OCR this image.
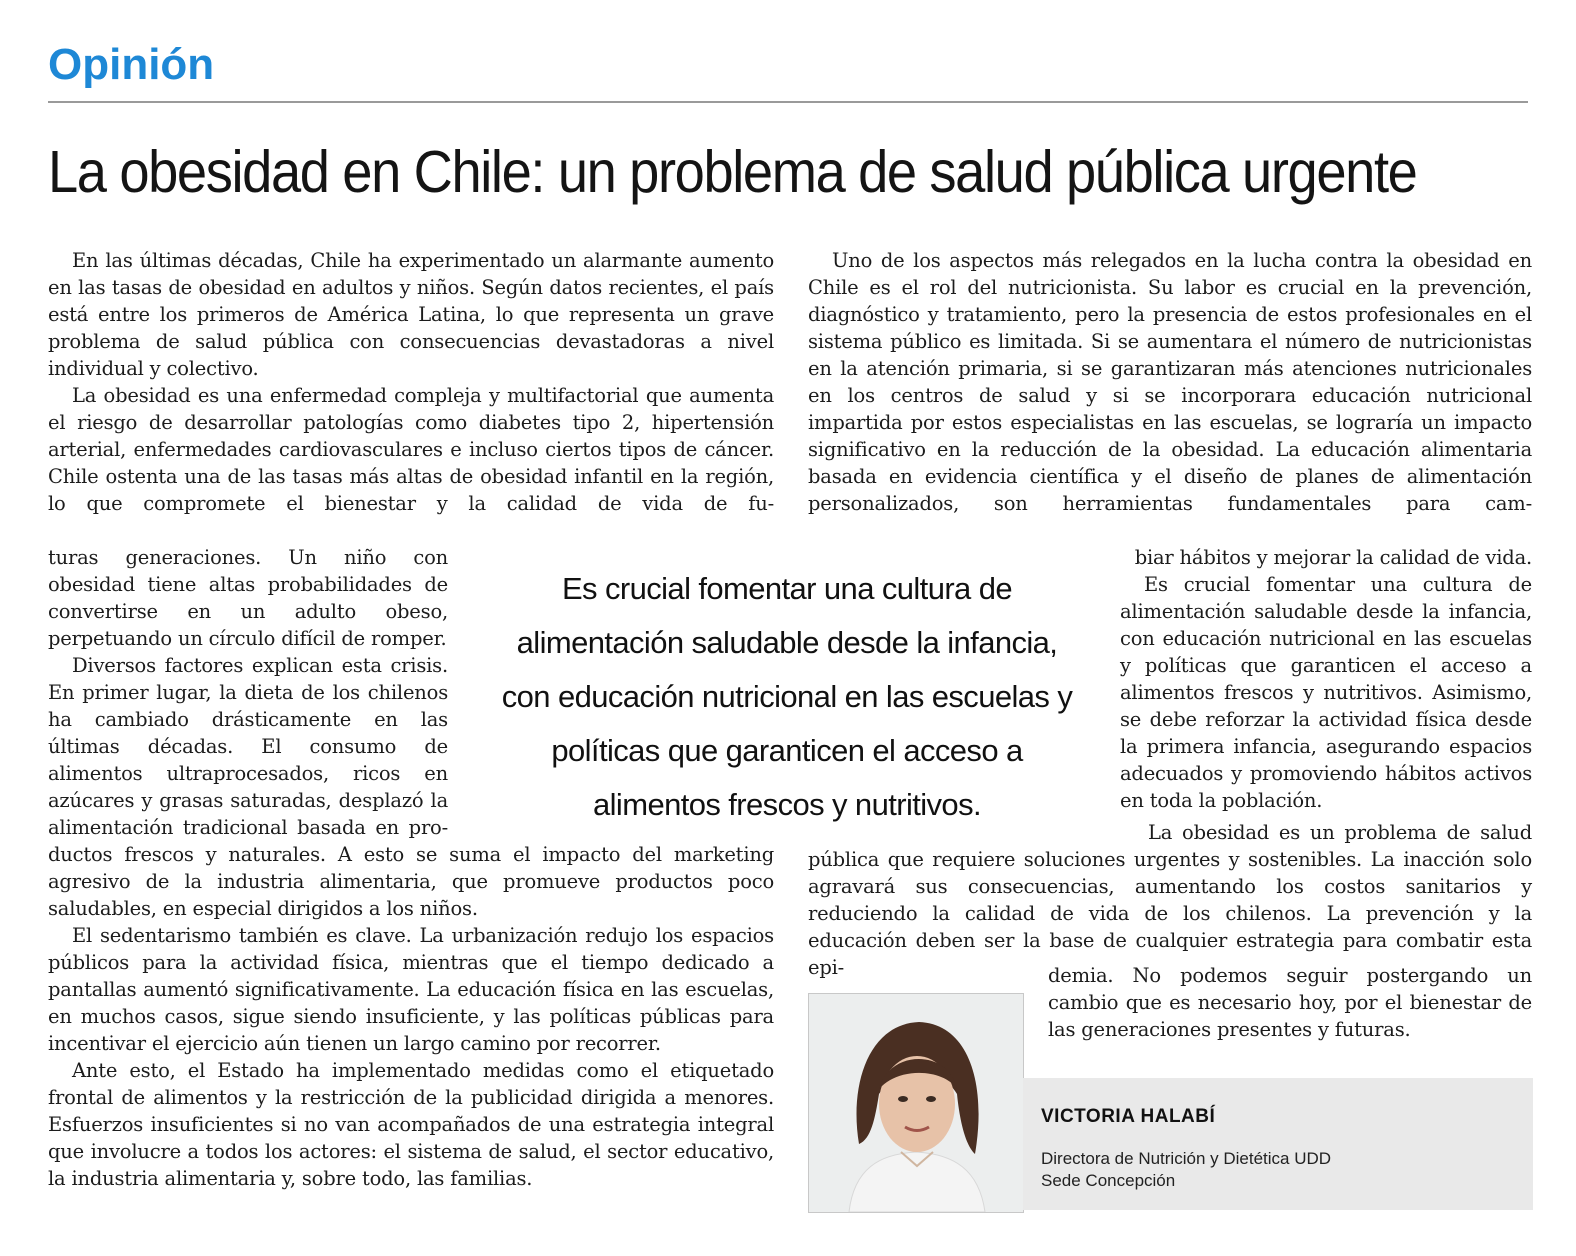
Opinión
La obesidad en Chile: un problema de salud pública urgente

En las últimas décadas, Chile ha experimentado un alarmante aumento en las tasas de obesidad en adultos y niños. Según datos recientes, el país está entre los primeros de América Latina, lo que representa un grave problema de salud pública con consecuencias devastadoras a nivel individual y colectivo.

La obesidad es una enfermedad compleja y multifactorial que aumenta el riesgo de desarrollar patologías como diabetes tipo 2, hipertensión arterial, enfermedades cardiovasculares e incluso ciertos tipos de cáncer. Chile ostenta una de las tasas más altas de obesidad infantil en la región, lo que compromete el bienestar y la calidad de vida de fu-

turas generaciones. Un niño con obesidad tiene altas probabilidades de convertirse en un adulto obeso, perpetuando un círculo difícil de romper.

Diversos factores explican esta crisis. En primer lugar, la dieta de los chilenos ha cambiado drásticamente en las últimas décadas. El consumo de alimentos ultraprocesados, ricos en azúcares y grasas saturadas, desplazó la alimentación tradicional basada en pro-

ductos frescos y naturales. A esto se suma el impacto del marketing agresivo de la industria alimentaria, que promueve productos poco saludables, en especial dirigidos a los niños.

El sedentarismo también es clave. La urbanización redujo los espacios públicos para la actividad física, mientras que el tiempo dedicado a pantallas aumentó significativamente. La educación física en las escuelas, en muchos casos, sigue siendo insuficiente, y las políticas públicas para incentivar el ejercicio aún tienen un largo camino por recorrer.

Ante esto, el Estado ha implementado medidas como el etiquetado frontal de alimentos y la restricción de la publicidad dirigida a menores. Esfuerzos insuficientes si no van acompañados de una estrategia integral que involucre a todos los actores: el sistema de salud, el sector educativo, la industria alimentaria y, sobre todo, las familias.

Uno de los aspectos más relegados en la lucha contra la obesidad en Chile es el rol del nutricionista. Su labor es crucial en la prevención, diagnóstico y tratamiento, pero la presencia de estos profesionales en el sistema público es limitada. Si se aumentara el número de nutricionistas en la atención primaria, si se garantizaran más atenciones nutricionales en los centros de salud y si se incorporara educación nutricional impartida por estos especialistas en las escuelas, se lograría un impacto significativo en la reducción de la obesidad. La educación alimentaria basada en evidencia científica y el diseño de planes de alimentación personalizados, son herramientas fundamentales para cam-

biar hábitos y mejorar la calidad de vida.

Es crucial fomentar una cultura de alimentación saludable desde la infancia, con educación nutricional en las escuelas y políticas que garanticen el acceso a alimentos frescos y nutritivos. Asimismo, se debe reforzar la actividad física desde la primera infancia, asegurando espacios adecuados y promoviendo hábitos activos en toda la población.

La obesidad es un problema de salud pública que requiere soluciones urgentes y sostenibles. La inacción solo agravará sus consecuencias, aumentando los costos sanitarios y reduciendo la calidad de vida de los chilenos. La prevención y la educación deben ser la base de cualquier estrategia para combatir esta epi-	demia. No podemos seguir postergando un cambio que es necesario hoy, por el bienestar de las generaciones presentes y futuras.

Es crucial fomentar una cultura de alimentación saludable desde la infancia, con educación nutricional en las escuelas y políticas que garanticen el acceso a alimentos frescos y nutritivos.
VICTORIA HALABÍ
Directora de Nutrición y Dietética UDD
Sede Concepción
